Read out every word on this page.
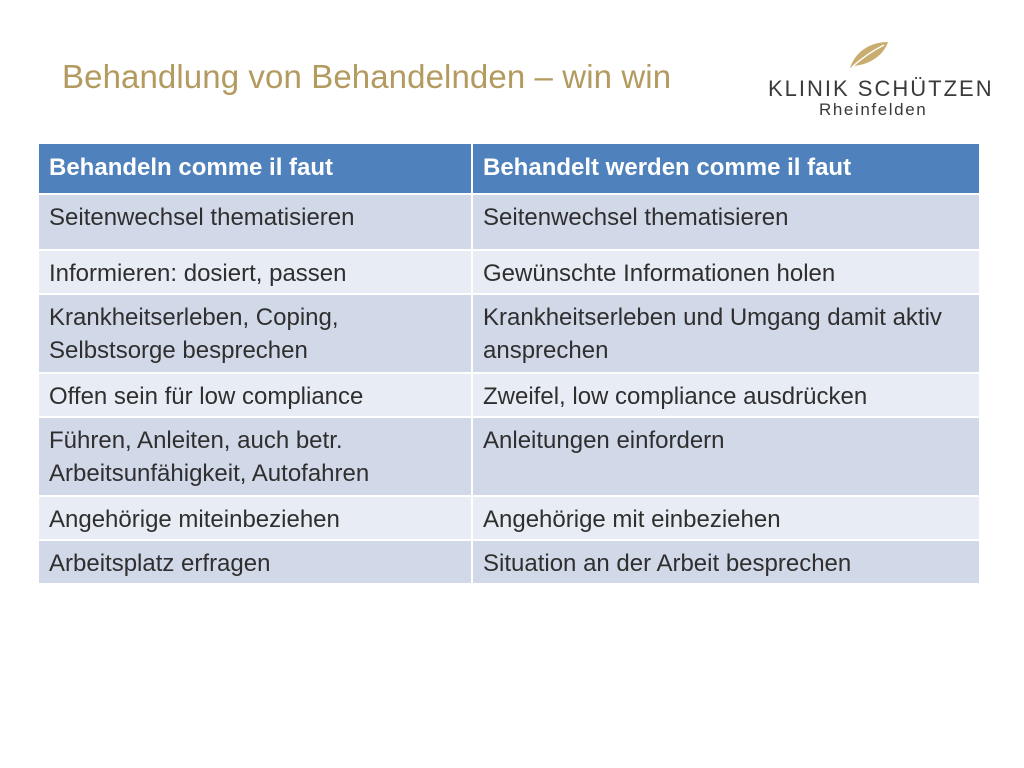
Behandlung von Behandelnden – win win	KLINIK SCHÜTZEN
Rheinfelden
Behandeln comme il faut	Behandelt werden comme il faut
Seitenwechsel thematisieren	Seitenwechsel thematisieren
Informieren: dosiert, passen	Gewünschte Informationen holen
Krankheitserleben, Coping, Selbstsorge besprechen	Krankheitserleben und Umgang damit aktiv ansprechen
Offen sein für low compliance	Zweifel, low compliance ausdrücken
Führen, Anleiten, auch betr. Arbeitsunfähigkeit, Autofahren	Anleitungen einfordern
Angehörige miteinbeziehen	Angehörige mit einbeziehen
Arbeitsplatz erfragen	Situation an der Arbeit besprechen
